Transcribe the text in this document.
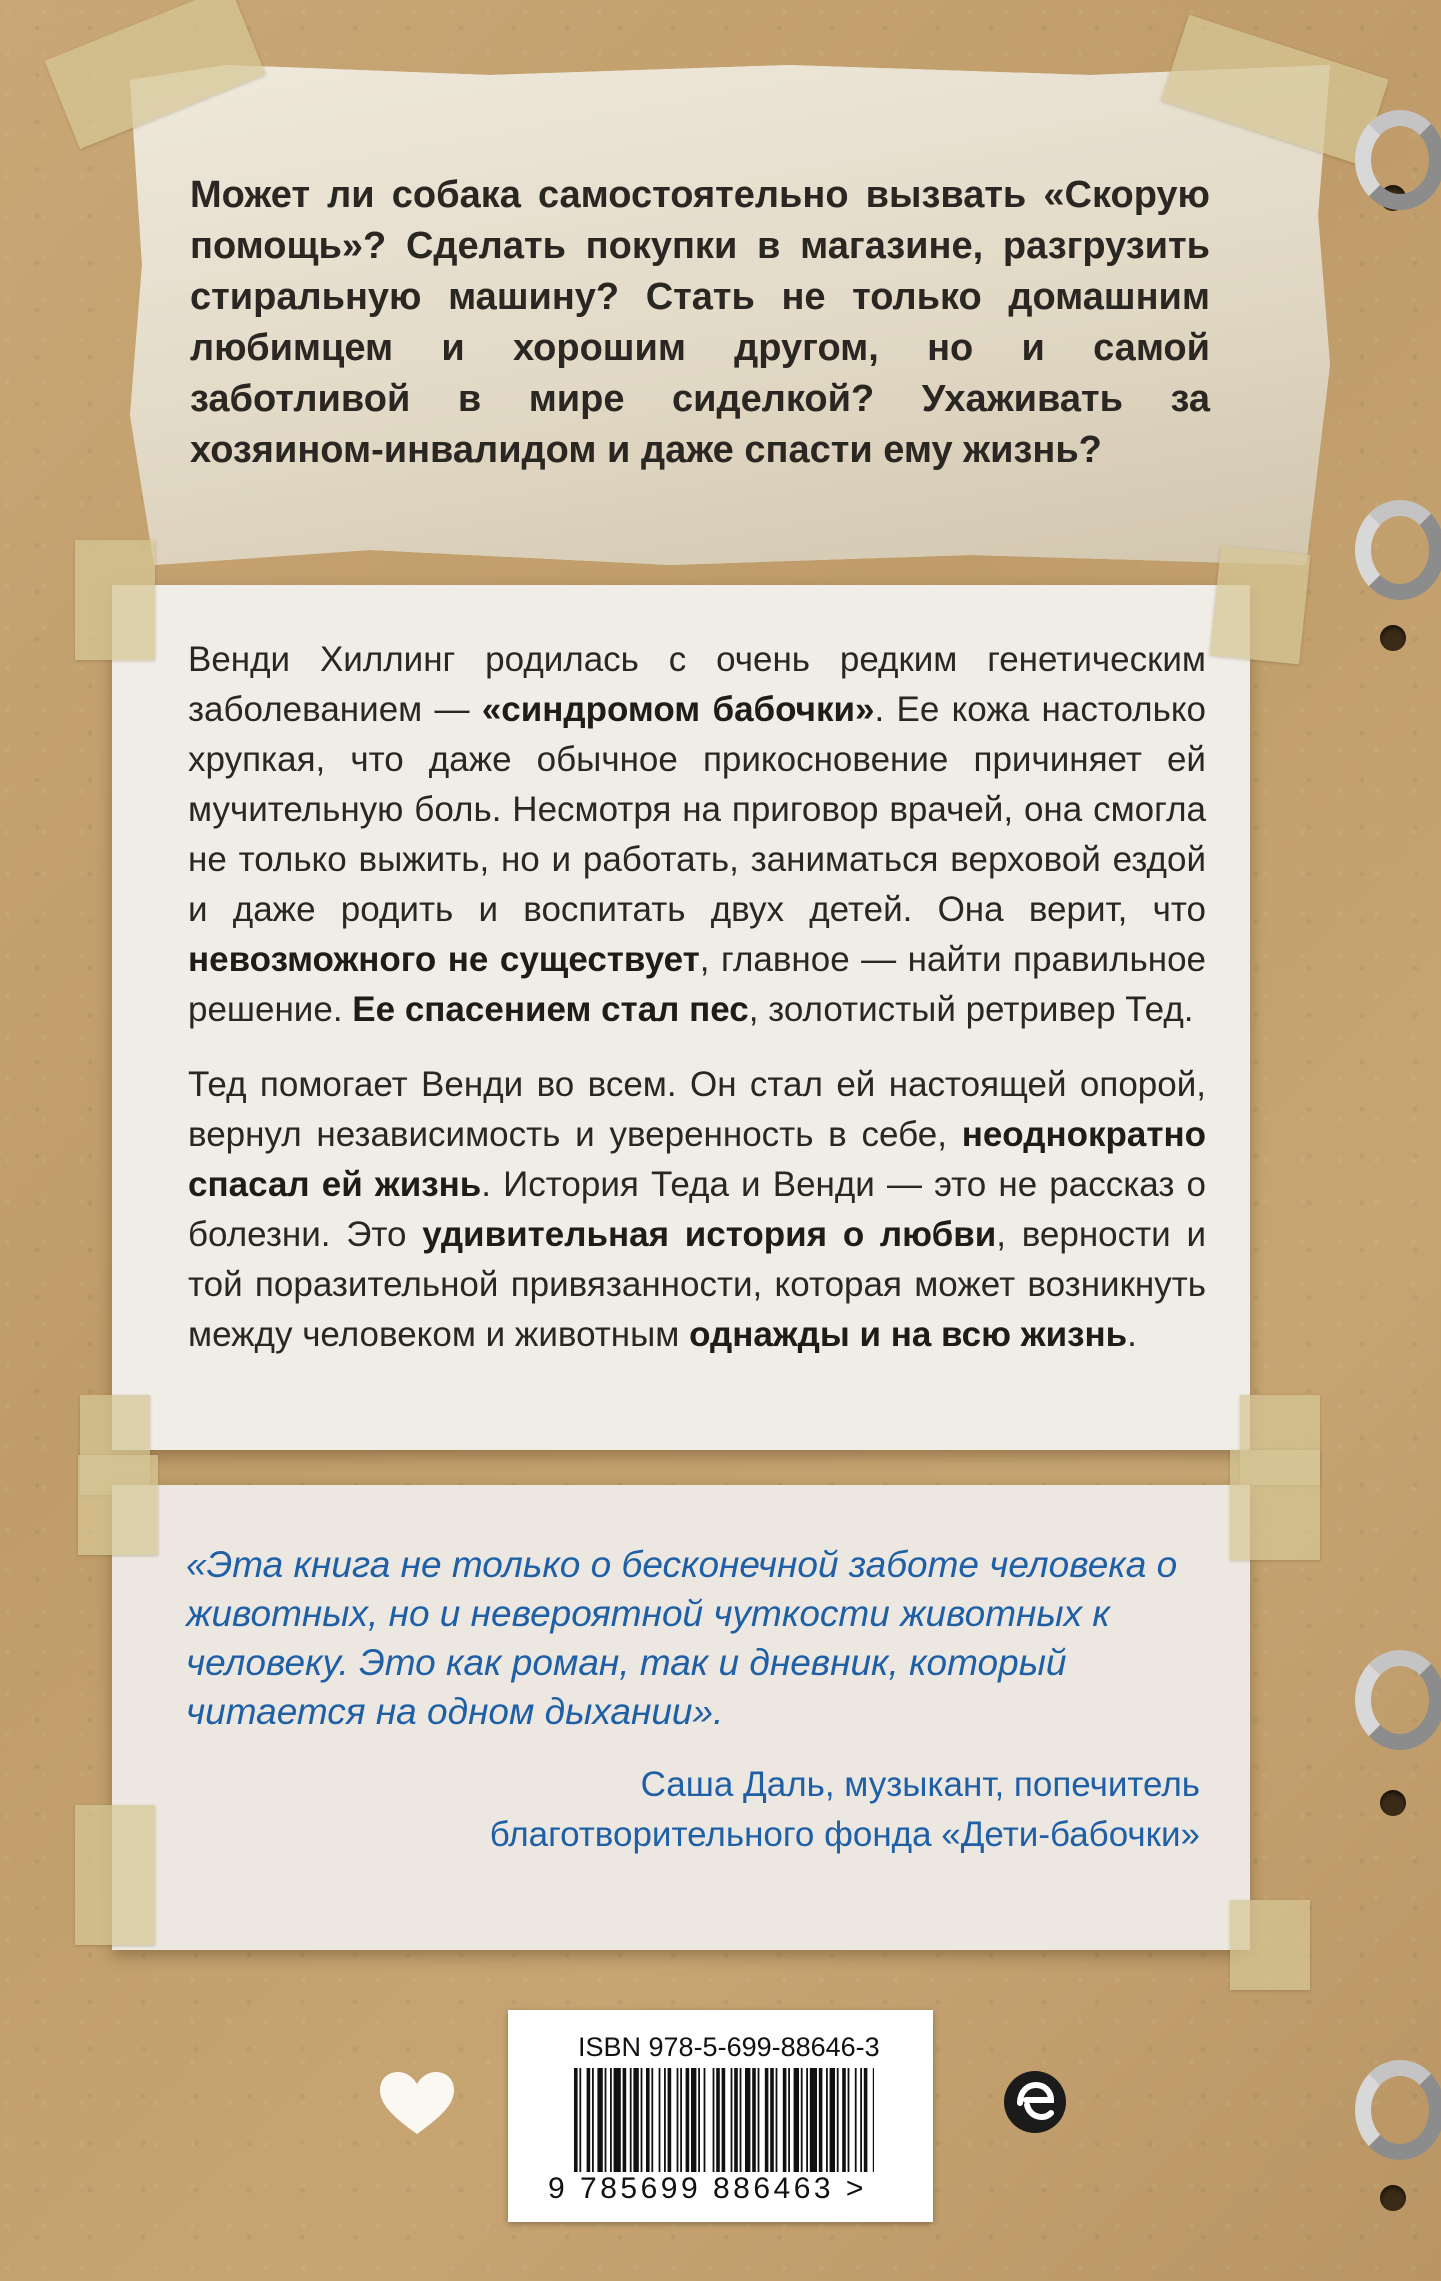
Может ли собака самостоятельно вызвать «Скорую помощь»? Сделать покупки в магазине, разгрузить стиральную машину? Стать не только домашним любимцем и хорошим другом, но и самой заботливой в мире сиделкой? Ухаживать за хозяином-инвалидом и даже спасти ему жизнь?

Венди Хиллинг родилась с очень редким генетическим заболеванием — «синдромом бабочки». Ее кожа настолько хрупкая, что даже обычное прикосновение причиняет ей мучительную боль. Несмотря на приговор врачей, она смогла не только выжить, но и работать, заниматься верховой ездой и даже родить и воспитать двух детей. Она верит, что невозможного не существует, главное — найти правильное решение. Ее спасением стал пес, золотистый ретривер Тед.

Тед помогает Венди во всем. Он стал ей настоящей опорой, вернул независимость и уверенность в себе, неоднократно спасал ей жизнь. История Теда и Венди — это не рассказ о болезни. Это удивительная история о любви, верности и той поразительной привязанности, которая может возникнуть между человеком и животным однажды и на всю жизнь.

«Эта книга не только о бесконечной заботе человека о животных, но и невероятной чуткости животных к человеку. Это как роман, так и дневник, который читается на одном дыхании».
Саша Даль, музыкант, попечитель
благотворительного фонда «Дети-бабочки»
ISBN 978-5-699-88646-3
9 785699 886463 >
